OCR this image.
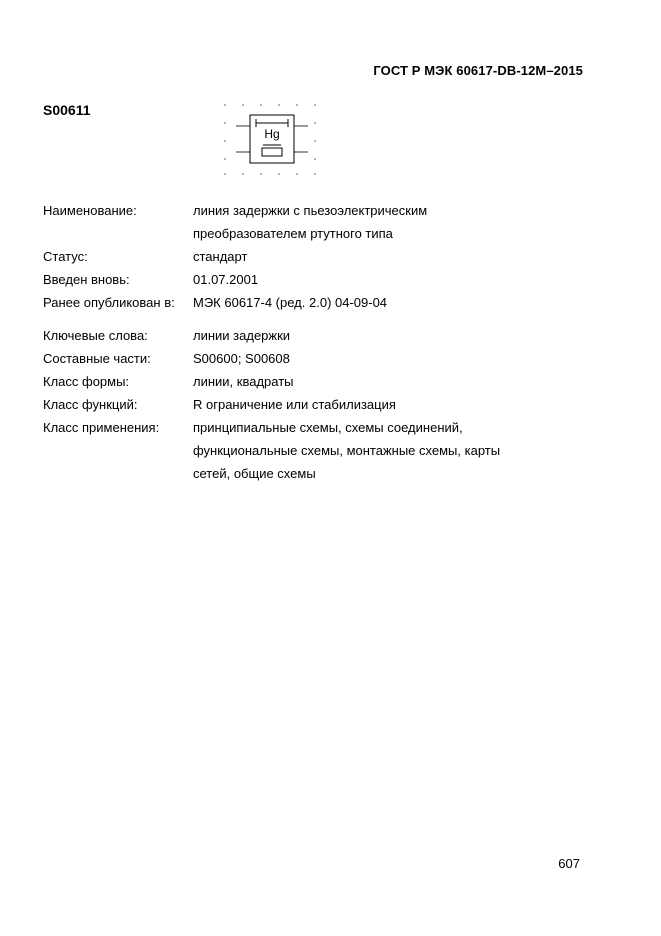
ГОСТ Р МЭК 60617-DB-12M–2015
S00611
Hg
Наименование:	линия задержки с пьезоэлектрическим
преобразователем ртутного типа
Статус:	стандарт
Введен вновь:	01.07.2001
Ранее опубликован в: МЭК 60617-4 (ред. 2.0) 04-09-04
Ключевые слова:	линии задержки
Составные части:	S00600; S00608
Класс формы:	линии, квадраты
Класс функций:	R ограничение или стабилизация
Класс применения:	принципиальные схемы, схемы соединений,
функциональные схемы, монтажные схемы, карты
сетей, общие схемы
607
